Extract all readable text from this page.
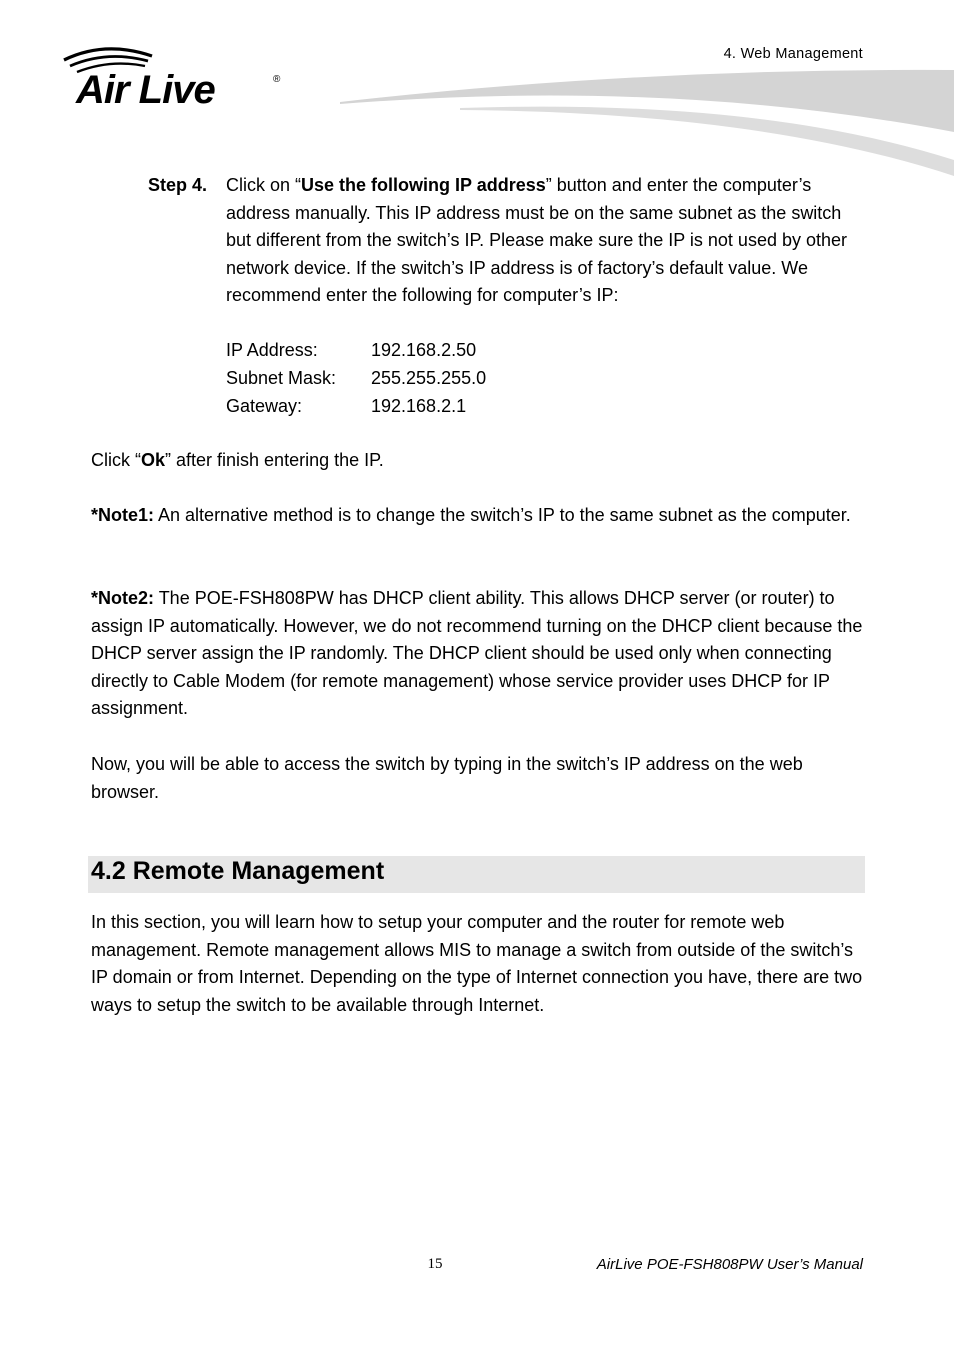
4. Web Management
Air Live	®
Step 4. Click on “Use the following IP address” button and enter the computer’s address manually. This IP address must be on the same subnet as the switch but different from the switch’s IP. Please make sure the IP is not used by other network device. If the switch’s IP address is of factory’s default value. We recommend enter the following for computer’s IP:
IP Address:	192.168.2.50
Subnet Mask: 255.255.255.0
Gateway:	192.168.2.1
Click “Ok” after finish entering the IP.
*Note1: An alternative method is to change the switch’s IP to the same subnet as the computer.
*Note2: The POE-FSH808PW has DHCP client ability. This allows DHCP server (or router) to assign IP automatically. However, we do not recommend turning on the DHCP client because the DHCP server assign the IP randomly. The DHCP client should be used only when connecting directly to Cable Modem (for remote management) whose service provider uses DHCP for IP assignment.
Now, you will be able to access the switch by typing in the switch’s IP address on the web browser.
4.2 Remote Management
In this section, you will learn how to setup your computer and the router for remote web management. Remote management allows MIS to manage a switch from outside of the switch’s IP domain or from Internet. Depending on the type of Internet connection you have, there are two ways to setup the switch to be available through Internet.
15	AirLive POE-FSH808PW User’s Manual
